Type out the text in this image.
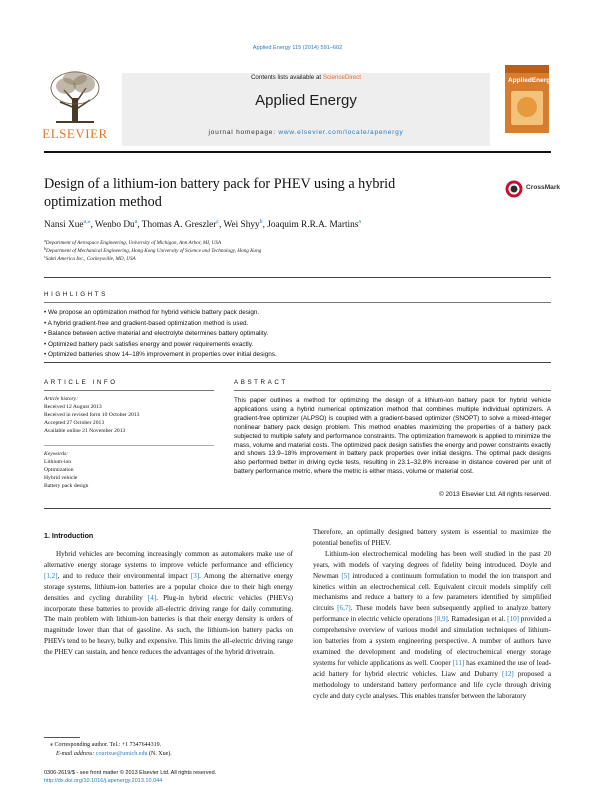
Applied Energy 115 (2014) 591–602
ELSEVIER
Contents lists available at ScienceDirect
Applied Energy
journal homepage: www.elsevier.com/locate/apenergy
AppliedEnergy
Design of a lithium-ion battery pack for PHEV using a hybrid
optimization method
CrossMark
Nansi Xue$^{a,⁎}$, Wenbo Du$^a$, Thomas A. Greszler$^c$, Wei Shyy$^b$, Joaquim R.R.A. Martins$^a$
$^a$Department of Aerospace Engineering, University of Michigan, Ann Arbor, MI, USA
$^b$Department of Mechanical Engineering, Hong Kong University of Science and Technology, Hong Kong
$^c$Sakti America Inc., Cockeysville, MD, USA
HIGHLIGHTS
• We propose an optimization method for hybrid vehicle battery pack design.
• A hybrid gradient-free and gradient-based optimization method is used.
• Balance between active material and electrolyte determines battery optimality.
• Optimized battery pack satisfies energy and power requirements exactly.
• Optimized batteries show 14–18% improvement in properties over initial designs.
ARTICLE INFO
Article history:
Received 12 August 2013
Received in revised form 10 October 2013
Accepted 27 October 2013
Available online 21 November 2013
Keywords:
Lithium-ion
Optimization
Hybrid vehicle
Battery pack design
ABSTRACT
This paper outlines a method for optimizing the design of a lithium-ion battery pack for hybrid vehicle applications using a hybrid numerical optimization method that combines multiple individual optimizers. A gradient-free optimizer (ALPSO) is coupled with a gradient-based optimizer (SNOPT) to solve a mixed-integer nonlinear battery pack design problem. This method enables maximizing the properties of a battery pack subjected to multiple safety and performance constraints. The optimization framework is applied to minimize the mass, volume and material costs. The optimized pack design satisfies the energy and power constraints exactly and shows 13.9–18% improvement in battery pack properties over initial designs. The optimal pack designs also performed better in driving cycle tests, resulting in 23.1–32.8% increase in distance covered per unit of battery performance metric, where the metric is either mass, volume or material cost.
© 2013 Elsevier Ltd. All rights reserved.
1. Introduction

Hybrid vehicles are becoming increasingly common as automakers make use of alternative energy storage systems to improve vehicle performance and efficiency [1,2], and to reduce their environmental impact [3]. Among the alternative energy storage systems, lithium-ion batteries are a popular choice due to their high energy densities and cycling durability [4]. Plug-in hybrid electric vehicles (PHEVs) incorporate these batteries to provide all-electric driving range for daily commuting. The main problem with lithium-ion batteries is that their energy density is orders of magnitude lower than that of gasoline. As such, the lithium-ion battery packs on PHEVs tend to be heavy, bulky and expensive. This limits the all-electric driving range the PHEV can sustain, and hence reduces the advantages of the hybrid drivetrain.

Therefore, an optimally designed battery system is essential to maximize the potential benefits of PHEV.

Lithium-ion electrochemical modeling has been well studied in the past 20 years, with models of varying degrees of fidelity being introduced. Doyle and Newman [5] introduced a continuum formulation to model the ion transport and kinetics within an electrochemical cell. Equivalent circuit models simplify cell mechanisms and reduce a battery to a few parameters identified by simplified circuits [6,7]. These models have been subsequently applied to analyze battery performance in electric vehicle operations [8,9]. Ramadesigan et al. [10] provided a comprehensive overview of various model and simulation techniques of lithium-ion batteries from a system engineering perspective. A number of authors have examined the development and modeling of electrochemical energy storage systems for vehicle applications as well. Cooper [11] has examined the use of lead-acid battery for hybrid electric vehicles. Liaw and Dubarry [12] proposed a methodology to understand battery performance and life cycle through driving cycle and duty cycle analyses. This enables transfer between the laboratory

⁎ Corresponding author. Tel.: +1 7347644319.
E-mail address: courtxue@umich.edu (N. Xue).
0306-2619/$ - see front matter © 2013 Elsevier Ltd. All rights reserved.
http://dx.doi.org/10.1016/j.apenergy.2013.10.044
